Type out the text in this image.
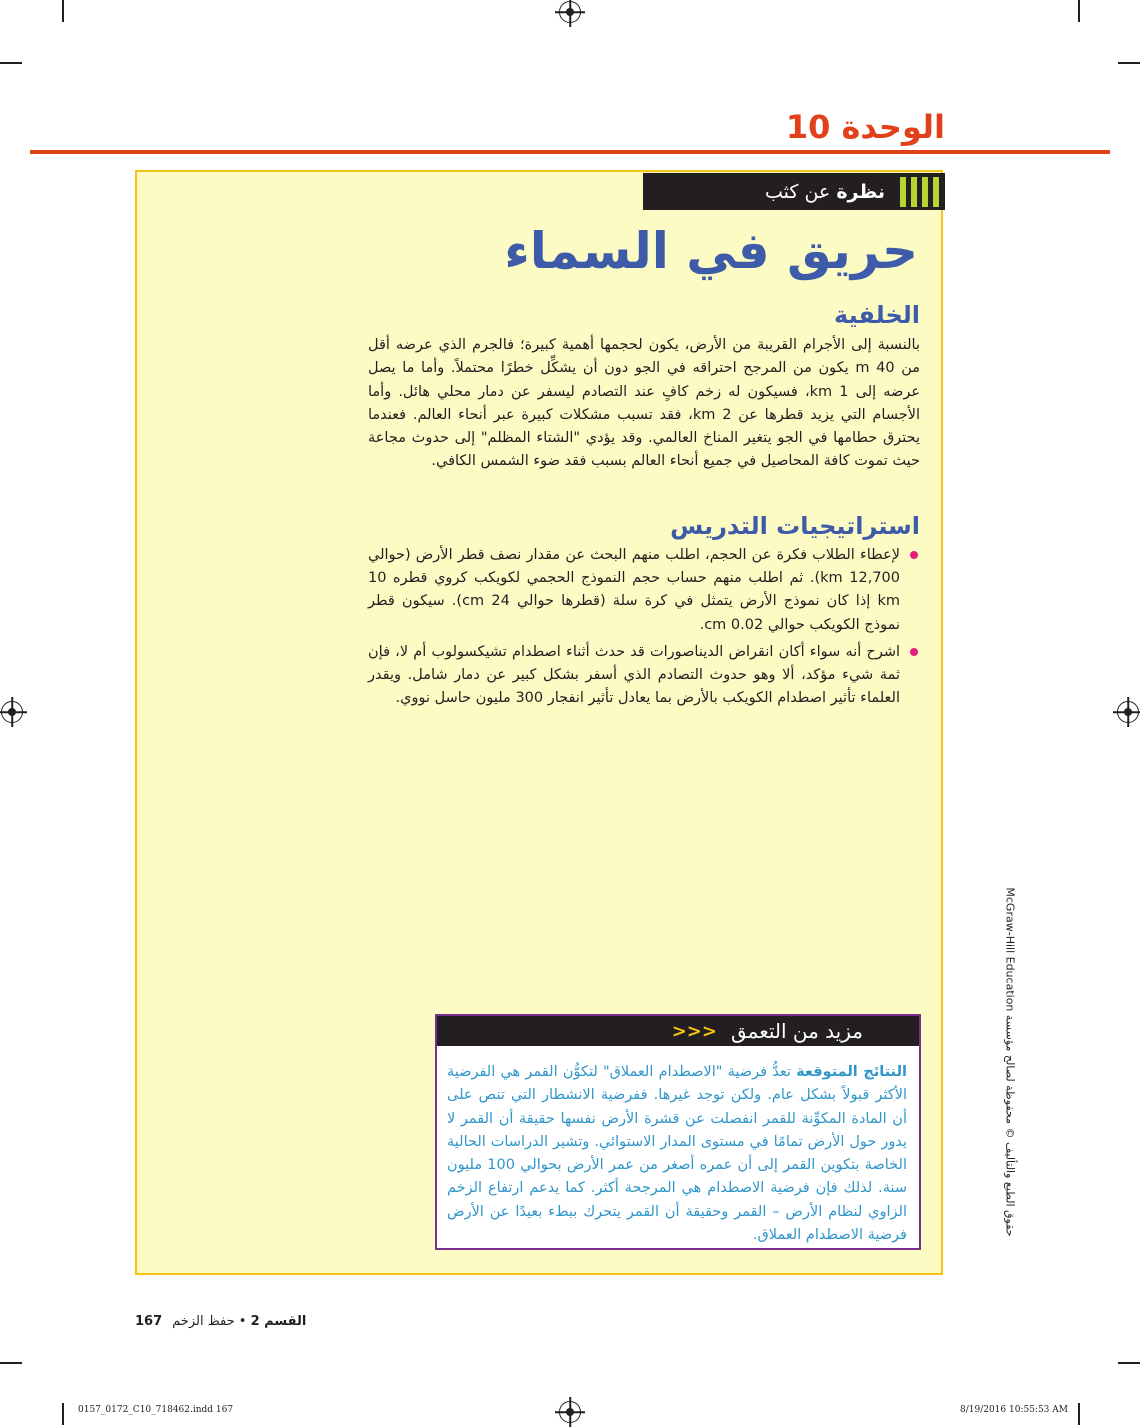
الوحدة 10
نظرة عن كثب
حريق في السماء
الخلفية
بالنسبة إلى الأجرام القريبة من الأرض، يكون لحجمها أهمية كبيرة؛ فالجرم الذي عرضه أقل من 40 m يكون من المرجح احتراقه في الجو دون أن يشكِّل خطرًا محتملاً. وأما ما يصل عرضه إلى 1 km، فسيكون له زخم كافٍ عند التصادم ليسفر عن دمار محلي هائل. وأما الأجسام التي يزيد قطرها عن 2 km، فقد تسبب مشكلات كبيرة عبر أنحاء العالم. فعندما يحترق حطامها في الجو يتغير المناخ العالمي. وقد يؤدي "الشتاء المظلم" إلى حدوث مجاعة حيث تموت كافة المحاصيل في جميع أنحاء العالم بسبب فقد ضوء الشمس الكافي.
استراتيجيات التدريس
لإعطاء الطلاب فكرة عن الحجم، اطلب منهم البحث عن مقدار نصف قطر الأرض (حوالي 12,700 km). ثم اطلب منهم حساب حجم النموذج الحجمي لكويكب كروي قطره 10 km إذا كان نموذج الأرض يتمثل في كرة سلة (قطرها حوالي 24 cm). سيكون قطر نموذج الكويكب حوالي 0.02 cm.
اشرح أنه سواء أكان انقراض الديناصورات قد حدث أثناء اصطدام تشيكسولوب أم لا، فإن ثمة شيء مؤكد، ألا وهو حدوث التصادم الذي أسفر بشكل كبير عن دمار شامل. ويقدر العلماء تأثير اصطدام الكويكب بالأرض بما يعادل تأثير انفجار 300 مليون حاسل نووي.
مزيد من التعمق
<<<
النتائج المتوقعة تعدُّ فرضية "الاصطدام العملاق" لتكوُّن القمر هي الفرضية الأكثر قبولاً بشكل عام. ولكن توجد غيرها. ففرضية الانشطار التي تنص على أن المادة المكوِّنة للقمر انفصلت عن قشرة الأرض نفسها حقيقة أن القمر لا يدور حول الأرض تمامًا في مستوى المدار الاستوائي. وتشير الدراسات الحالية الخاصة بتكوين القمر إلى أن عمره أصغر من عمر الأرض بحوالي 100 مليون سنة. لذلك فإن فرضية الاصطدام هي المرجحة أكثر. كما يدعم ارتفاع الزخم الزاوي لنظام الأرض – القمر وحقيقة أن القمر يتحرك ببطء بعيدًا عن الأرض فرضية الاصطدام العملاق.
حقوق الطبع والتأليف © محفوظة لصالح مؤسسة McGraw-Hill Education
القسم 2 • حفظ الزخم
167
0157_0172_C10_718462.indd 167	8/19/2016 10:55:53 AM
